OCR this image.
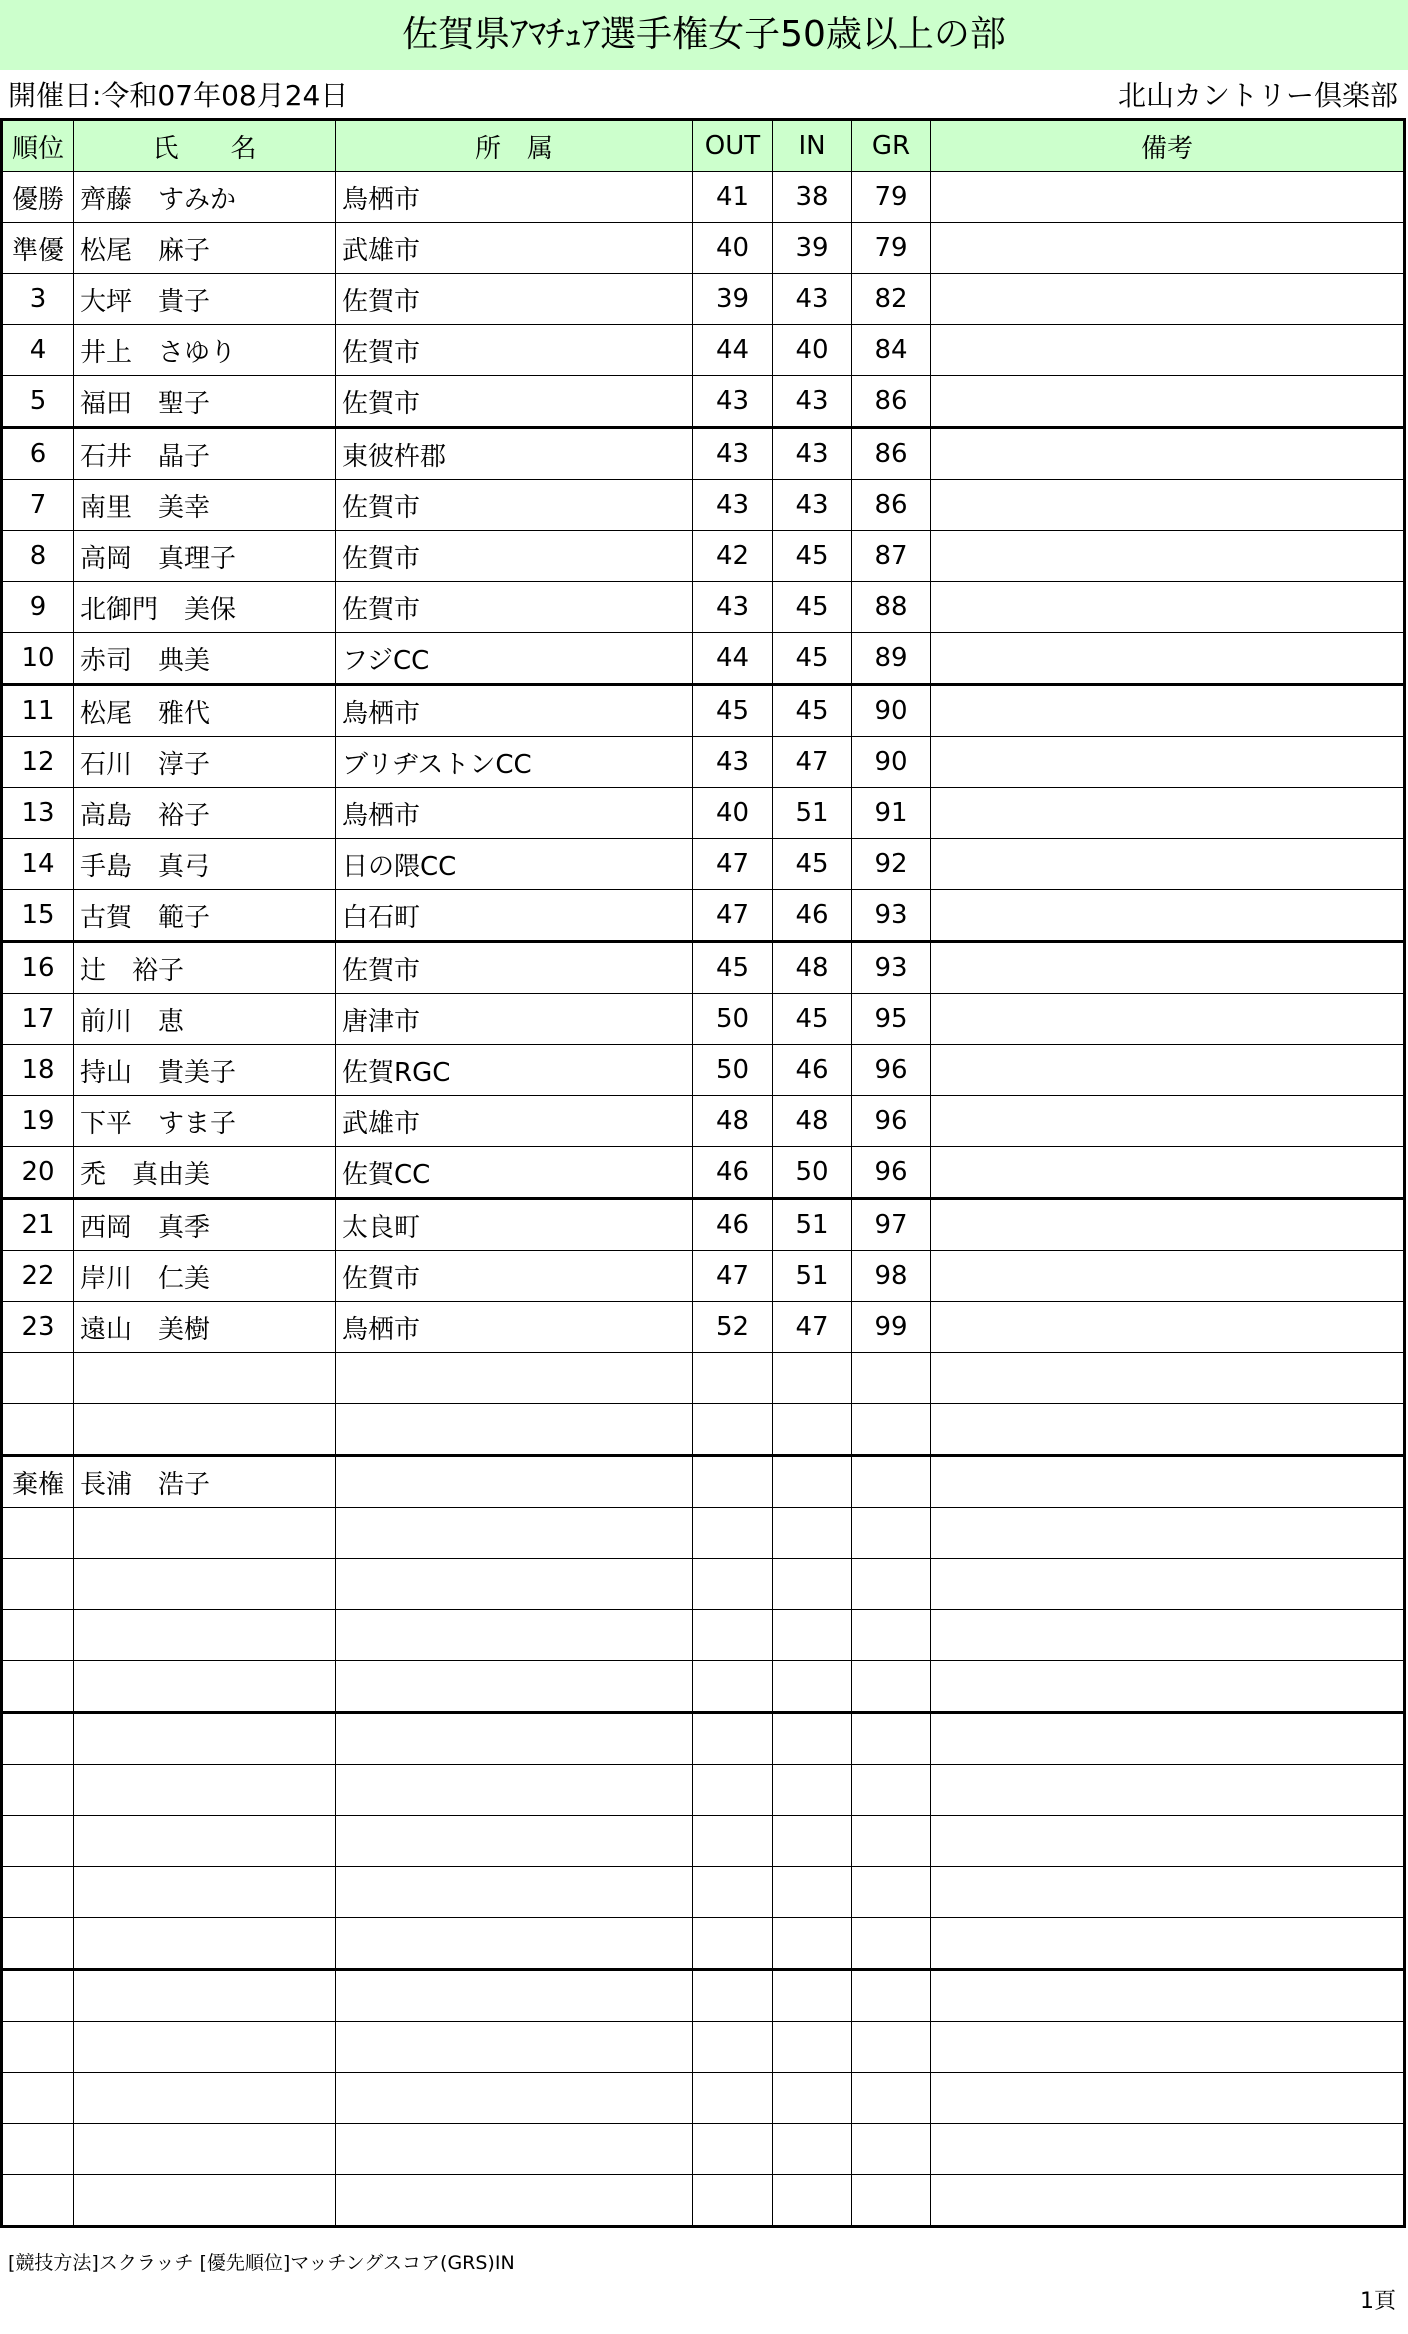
佐賀県ｱﾏﾁｭｱ選手権女子50歳以上の部
開催日:令和07年08月24日	北山カントリー倶楽部
順位	氏　　名	所　属	OUT	IN	GR	備考
優勝	齊藤　すみか	鳥栖市	41	38	79	
準優	松尾　麻子	武雄市	40	39	79	
3	大坪　貴子	佐賀市	39	43	82	
4	井上　さゆり	佐賀市	44	40	84	
5	福田　聖子	佐賀市	43	43	86	
6	石井　晶子	東彼杵郡	43	43	86	
7	南里　美幸	佐賀市	43	43	86	
8	高岡　真理子	佐賀市	42	45	87	
9	北御門　美保	佐賀市	43	45	88	
10	赤司　典美	フジCC	44	45	89	
11	松尾　雅代	鳥栖市	45	45	90	
12	石川　淳子	ブリヂストンCC	43	47	90	
13	高島　裕子	鳥栖市	40	51	91	
14	手島　真弓	日の隈CC	47	45	92	
15	古賀　範子	白石町	47	46	93	
16	辻　裕子	佐賀市	45	48	93	
17	前川　恵	唐津市	50	45	95	
18	持山　貴美子	佐賀RGC	50	46	96	
19	下平　すま子	武雄市	48	48	96	
20	禿　真由美	佐賀CC	46	50	96	
21	西岡　真季	太良町	46	51	97	
22	岸川　仁美	佐賀市	47	51	98	
23	遠山　美樹	鳥栖市	52	47	99	

棄権	長浦　浩子					

[競技方法]スクラッチ [優先順位]マッチングスコア(GRS)IN
1頁
